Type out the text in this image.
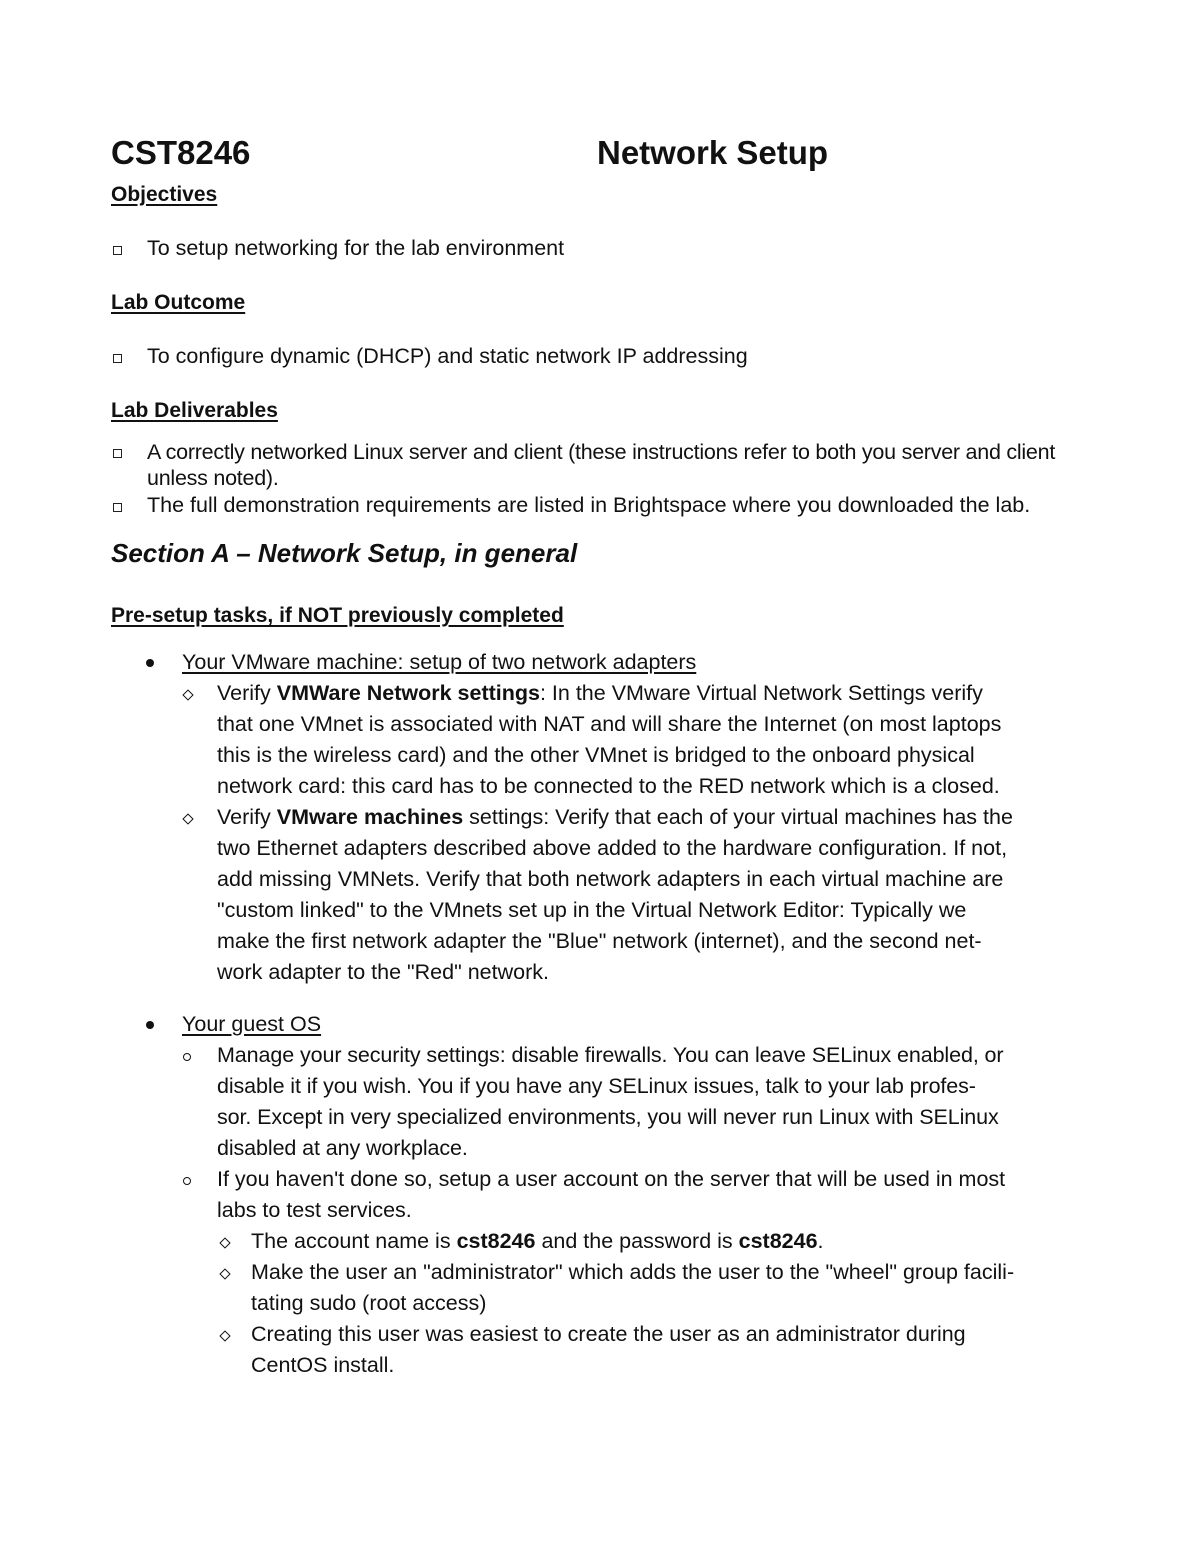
CST8246	Network Setup
Objectives
To setup networking for the lab environment
Lab Outcome
To configure dynamic (DHCP) and static network IP addressing
Lab Deliverables
A correctly networked Linux server and client (these instructions refer to both you server and client
unless noted).
The full demonstration requirements are listed in Brightspace where you downloaded the lab.
Section A – Network Setup, in general
Pre-setup tasks, if NOT previously completed
Your VMware machine: setup of two network adapters
Verify VMWare Network settings: In the VMware Virtual Network Settings verify
that one VMnet is associated with NAT and will share the Internet (on most laptops
this is the wireless card) and the other VMnet is bridged to the onboard physical
network card: this card has to be connected to the RED network which is a closed.
Verify VMware machines settings: Verify that each of your virtual machines has the
two Ethernet adapters described above added to the hardware configuration. If not,
add missing VMNets. Verify that both network adapters in each virtual machine are
"custom linked" to the VMnets set up in the Virtual Network Editor: Typically we
make the first network adapter the "Blue" network (internet), and the second net-
work adapter to the "Red" network.
Your guest OS
Manage your security settings: disable firewalls. You can leave SELinux enabled, or
disable it if you wish. You if you have any SELinux issues, talk to your lab profes-
sor. Except in very specialized environments, you will never run Linux with SELinux
disabled at any workplace.
If you haven't done so, setup a user account on the server that will be used in most
labs to test services.
The account name is cst8246 and the password is cst8246.
Make the user an "administrator" which adds the user to the "wheel" group facili-
tating sudo (root access)
Creating this user was easiest to create the user as an administrator during
CentOS install.
